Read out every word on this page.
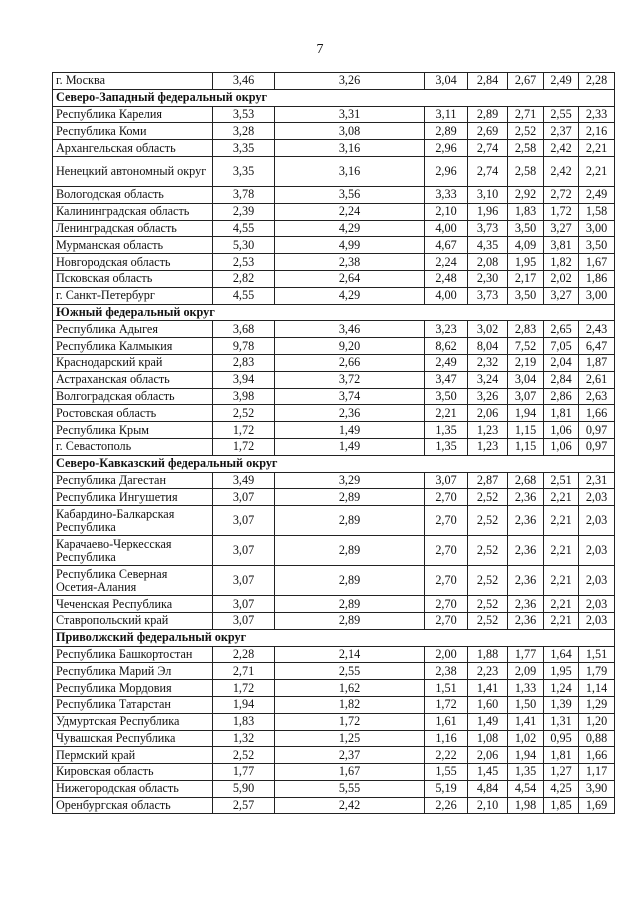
7
г. Москва	3,46	3,26	3,04	2,84	2,67	2,49	2,28
Северо-Западный федеральный округ							
Республика Карелия	3,53	3,31	3,11	2,89	2,71	2,55	2,33
Республика Коми	3,28	3,08	2,89	2,69	2,52	2,37	2,16
Архангельская область	3,35	3,16	2,96	2,74	2,58	2,42	2,21
Ненецкий автономный округ	3,35	3,16	2,96	2,74	2,58	2,42	2,21
Вологодская область	3,78	3,56	3,33	3,10	2,92	2,72	2,49
Калининградская область	2,39	2,24	2,10	1,96	1,83	1,72	1,58
Ленинградская область	4,55	4,29	4,00	3,73	3,50	3,27	3,00
Мурманская область	5,30	4,99	4,67	4,35	4,09	3,81	3,50
Новгородская область	2,53	2,38	2,24	2,08	1,95	1,82	1,67
Псковская область	2,82	2,64	2,48	2,30	2,17	2,02	1,86
г. Санкт-Петербург	4,55	4,29	4,00	3,73	3,50	3,27	3,00
Южный федеральный округ							
Республика Адыгея	3,68	3,46	3,23	3,02	2,83	2,65	2,43
Республика Калмыкия	9,78	9,20	8,62	8,04	7,52	7,05	6,47
Краснодарский край	2,83	2,66	2,49	2,32	2,19	2,04	1,87
Астраханская область	3,94	3,72	3,47	3,24	3,04	2,84	2,61
Волгоградская область	3,98	3,74	3,50	3,26	3,07	2,86	2,63
Ростовская область	2,52	2,36	2,21	2,06	1,94	1,81	1,66
Республика Крым	1,72	1,49	1,35	1,23	1,15	1,06	0,97
г. Севастополь	1,72	1,49	1,35	1,23	1,15	1,06	0,97
Северо-Кавказский федеральный округ							
Республика Дагестан	3,49	3,29	3,07	2,87	2,68	2,51	2,31
Республика Ингушетия	3,07	2,89	2,70	2,52	2,36	2,21	2,03
Кабардино-Балкарская Республика	3,07	2,89	2,70	2,52	2,36	2,21	2,03
Карачаево-Черкесская Республика	3,07	2,89	2,70	2,52	2,36	2,21	2,03
Республика Северная Осетия-Алания	3,07	2,89	2,70	2,52	2,36	2,21	2,03
Чеченская Республика	3,07	2,89	2,70	2,52	2,36	2,21	2,03
Ставропольский край	3,07	2,89	2,70	2,52	2,36	2,21	2,03
Приволжский федеральный округ							
Республика Башкортостан	2,28	2,14	2,00	1,88	1,77	1,64	1,51
Республика Марий Эл	2,71	2,55	2,38	2,23	2,09	1,95	1,79
Республика Мордовия	1,72	1,62	1,51	1,41	1,33	1,24	1,14
Республика Татарстан	1,94	1,82	1,72	1,60	1,50	1,39	1,29
Удмуртская Республика	1,83	1,72	1,61	1,49	1,41	1,31	1,20
Чувашская Республика	1,32	1,25	1,16	1,08	1,02	0,95	0,88
Пермский край	2,52	2,37	2,22	2,06	1,94	1,81	1,66
Кировская область	1,77	1,67	1,55	1,45	1,35	1,27	1,17
Нижегородская область	5,90	5,55	5,19	4,84	4,54	4,25	3,90
Оренбургская область	2,57	2,42	2,26	2,10	1,98	1,85	1,69
